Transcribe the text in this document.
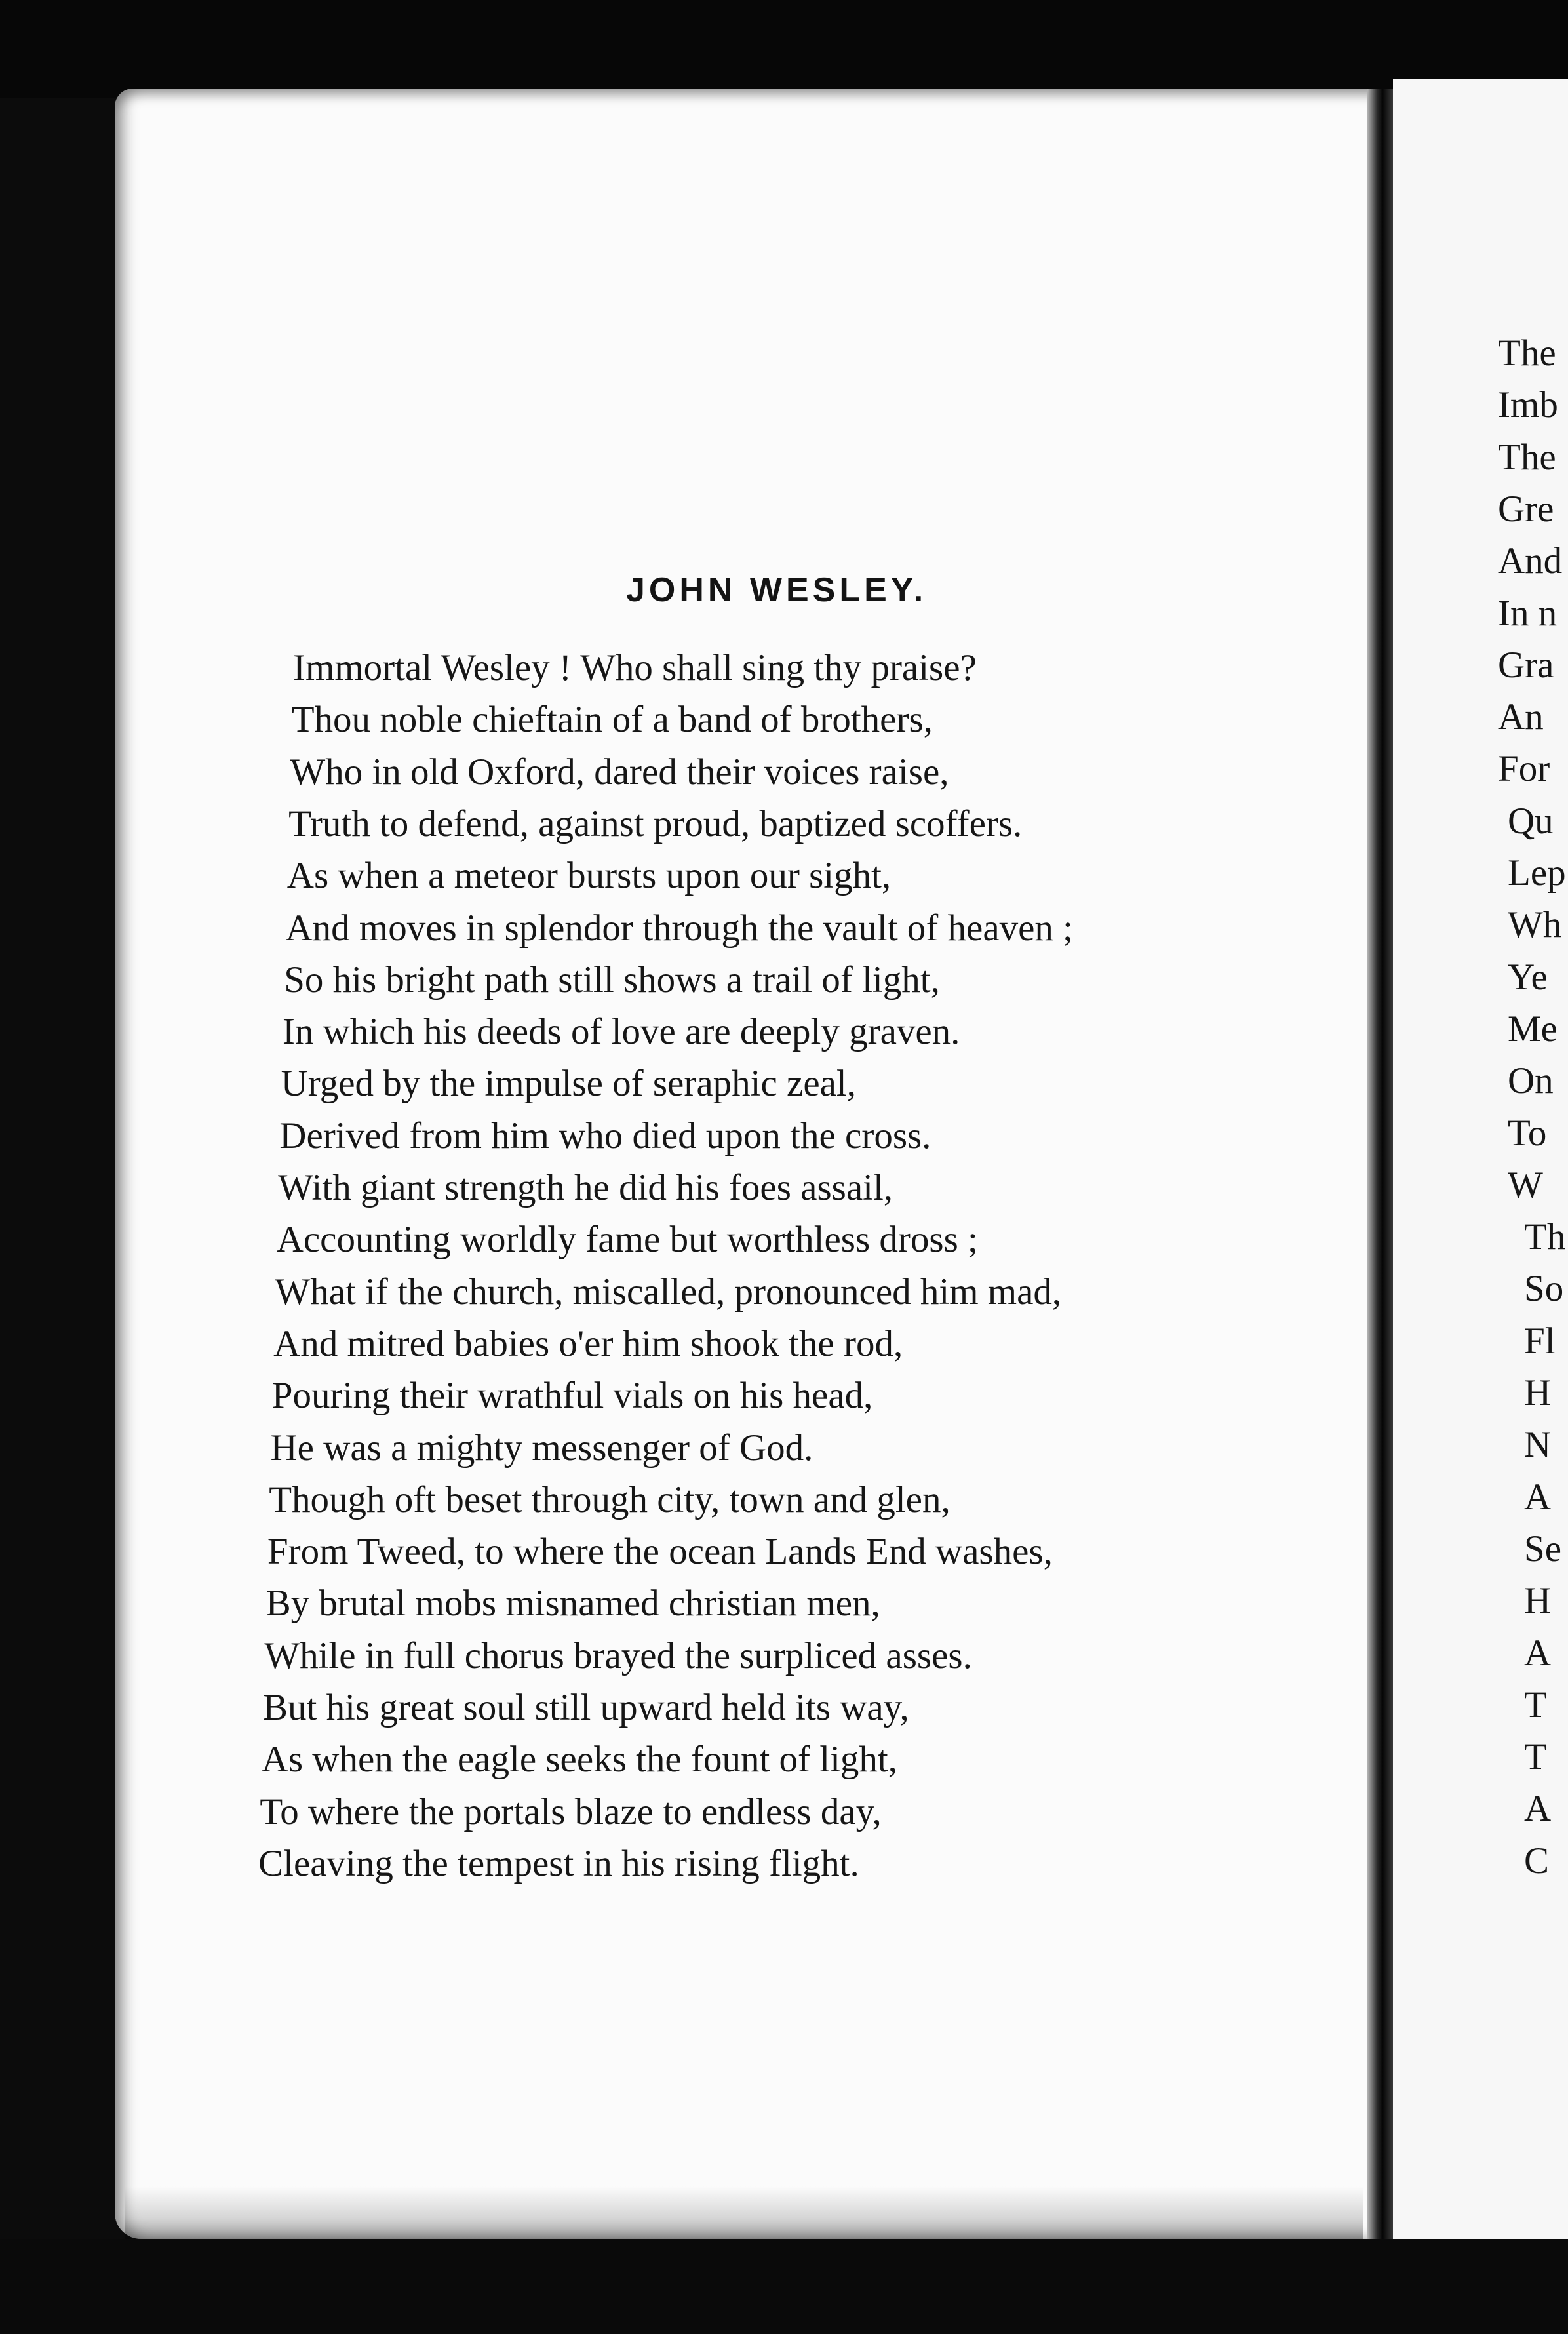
JOHN WESLEY.
Immortal Wesley ! Who shall sing thy praise?
Thou noble chieftain of a band of brothers,
Who in old Oxford, dared their voices raise,
Truth to defend, against proud, baptized scoffers.
As when a meteor bursts upon our sight,
And moves in splendor through the vault of heaven ;
So his bright path still shows a trail of light,
In which his deeds of love are deeply graven.
Urged by the impulse of seraphic zeal,
Derived from him who died upon the cross.
With giant strength he did his foes assail,
Accounting worldly fame but worthless dross ;
What if the church, miscalled, pronounced him mad,
And mitred babies o'er him shook the rod,
Pouring their wrathful vials on his head,
He was a mighty messenger of God.
Though oft beset through city, town and glen,
From Tweed, to where the ocean Lands End washes,
By brutal mobs misnamed christian men,
While in full chorus brayed the surpliced asses.
But his great soul still upward held its way,
As when the eagle seeks the fount of light,
To where the portals blaze to endless day,
Cleaving the tempest in his rising flight.
The
Imb
The
Gre
And
In n
Gra
An
For
Qu
Lep
Wh
Ye
Me
On
To
W
Th
So
Fl
H
N
A
Se
H
A
T
T
A
C
